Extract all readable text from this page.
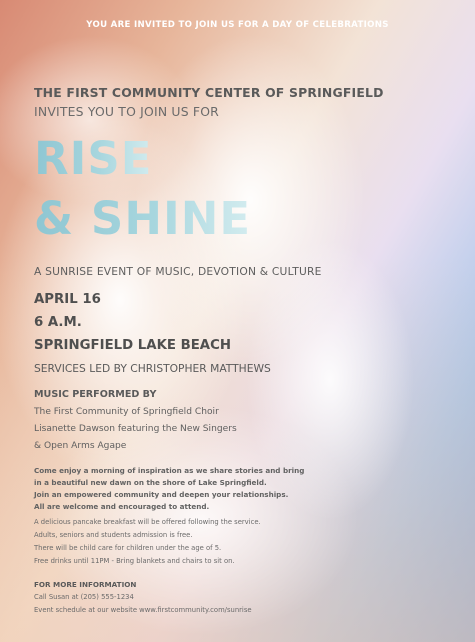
YOU ARE INVITED TO JOIN US FOR A DAY OF CELEBRATIONS
THE FIRST COMMUNITY CENTER OF SPRINGFIELD
INVITES YOU TO JOIN US FOR
RISE
& SHINE
A SUNRISE EVENT OF MUSIC, DEVOTION & CULTURE
APRIL 16
6 A.M.
SPRINGFIELD LAKE BEACH
SERVICES LED BY CHRISTOPHER MATTHEWS
MUSIC PERFORMED BY
The First Community of Springfield Choir
Lisanette Dawson featuring the New Singers
& Open Arms Agape
Come enjoy a morning of inspiration as we share stories and bring
in a beautiful new dawn on the shore of Lake Springfield.
Join an empowered community and deepen your relationships.
All are welcome and encouraged to attend.
A delicious pancake breakfast will be offered following the service.
Adults, seniors and students admission is free.
There will be child care for children under the age of 5.
Free drinks until 11PM - Bring blankets and chairs to sit on.
FOR MORE INFORMATION
Call Susan at (205) 555-1234
Event schedule at our website www.firstcommunity.com/sunrise
